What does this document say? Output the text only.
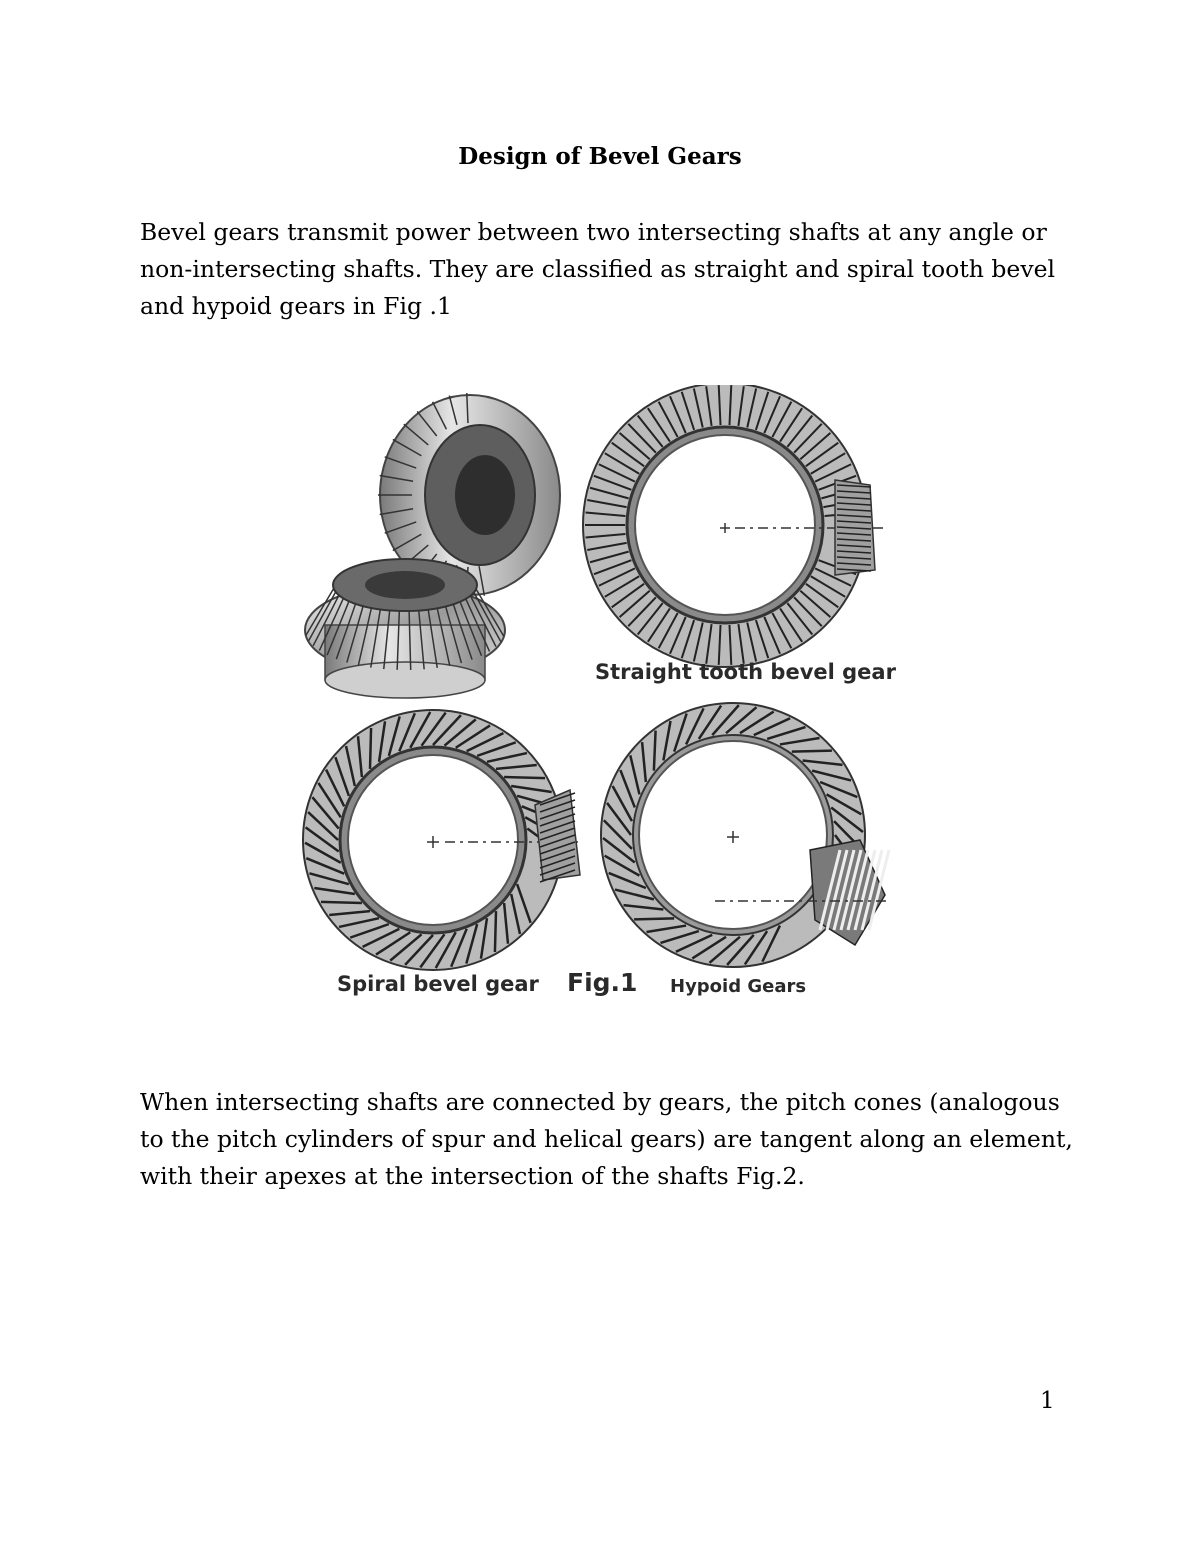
Design of Bevel Gears

Bevel gears transmit power between two intersecting shafts at any angle or non-intersecting shafts. They are classified as straight and spiral tooth bevel and hypoid gears in Fig .1

Straight tooth bevel gear
Spiral bevel gear Fig.1 Hypoid Gears

When intersecting shafts are connected by gears, the pitch cones (analogous to the pitch cylinders of spur and helical gears) are tangent along an element, with their apexes at the intersection of the shafts Fig.2.

1
